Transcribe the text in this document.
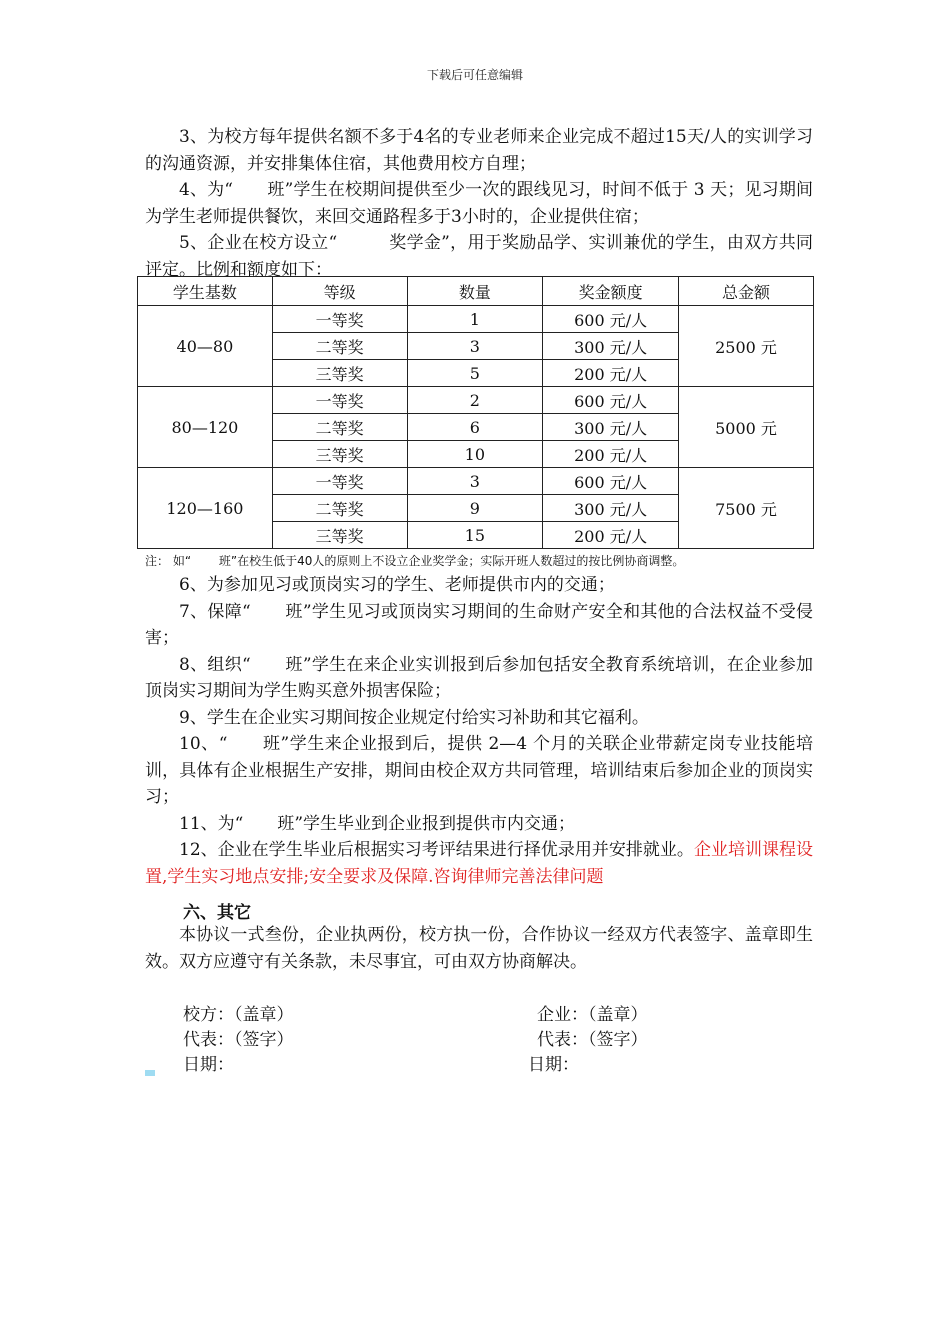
下载后可任意编辑

3、为校方每年提供名额不多于4名的专业老师来企业完成不超过15天/人的实训学习的沟通资源，并安排集体住宿，其他费用校方自理；

4、为“　　班”学生在校期间提供至少一次的跟线见习，时间不低于 3 天；见习期间为学生老师提供餐饮，来回交通路程多于3小时的，企业提供住宿；

5、企业在校方设立“　　　奖学金”，用于奖励品学、实训兼优的学生，由双方共同评定。比例和额度如下：

学生基数	等级	数量	奖金额度	总金额
40—80	一等奖	1	600 元/人	2500 元
	二等奖	3	300 元/人	
	三等奖	5	200 元/人	
80—120	一等奖	2	600 元/人	5000 元
	二等奖	6	300 元/人	
	三等奖	10	200 元/人	
120—160	一等奖	3	600 元/人	7500 元
	二等奖	9	300 元/人	
	三等奖	15	200 元/人	
注： 如“　　 班”在校生低于40人的原则上不设立企业奖学金；实际开班人数超过的按比例协商调整。

6、为参加见习或顶岗实习的学生、老师提供市内的交通；

7、保障“　　班”学生见习或顶岗实习期间的生命财产安全和其他的合法权益不受侵害；

8、组织“　　班”学生在来企业实训报到后参加包括安全教育系统培训，在企业参加顶岗实习期间为学生购买意外损害保险；

9、学生在企业实习期间按企业规定付给实习补助和其它福利。

10、“　　班”学生来企业报到后，提供 2—4 个月的关联企业带薪定岗专业技能培训，具体有企业根据生产安排，期间由校企双方共同管理，培训结束后参加企业的顶岗实习；

11、为“　　班”学生毕业到企业报到提供市内交通；

12、企业在学生毕业后根据实习考评结果进行择优录用并安排就业。企业培训课程设置,学生实习地点安排;安全要求及保障.咨询律师完善法律问题

六、其它

本协议一式叁份，企业执两份，校方执一份，合作协议一经双方代表签字、盖章即生效。双方应遵守有关条款，未尽事宜，可由双方协商解决。

校方：（盖章）
代表：（签字）
日期：
企业：（盖章）
代表：（签字）
日期：
